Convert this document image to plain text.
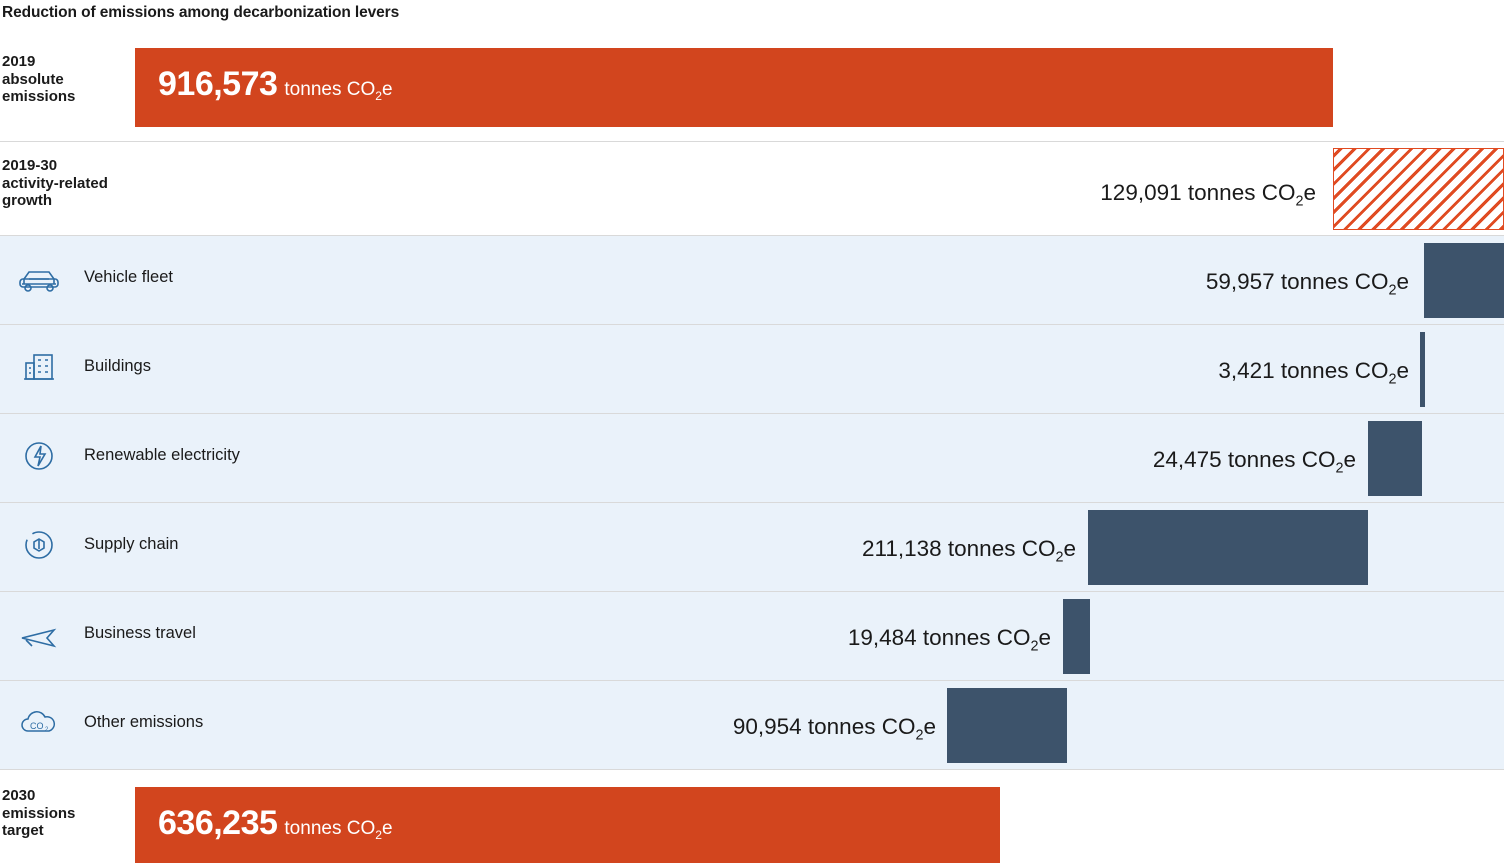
Reduction of emissions among decarbonization levers
2019
absolute
emissions 916,573 tonnes $CO_2e$
2019-30
activity-related
growth	129,091 tonnes $CO_2e$
Vehicle fleet	59,957 tonnes $CO_2e$
Buildings	3,421 tonnes $CO_2e$
Renewable electricity	24,475 tonnes $CO_2e$
Supply chain	211,138 tonnes $CO_2e$
Business travel	19,484 tonnes $CO_2e$
CO 2 Other emissions	90,954 tonnes $CO_2e$
2030
emissions
target	636,235 tonnes $CO_2e$
